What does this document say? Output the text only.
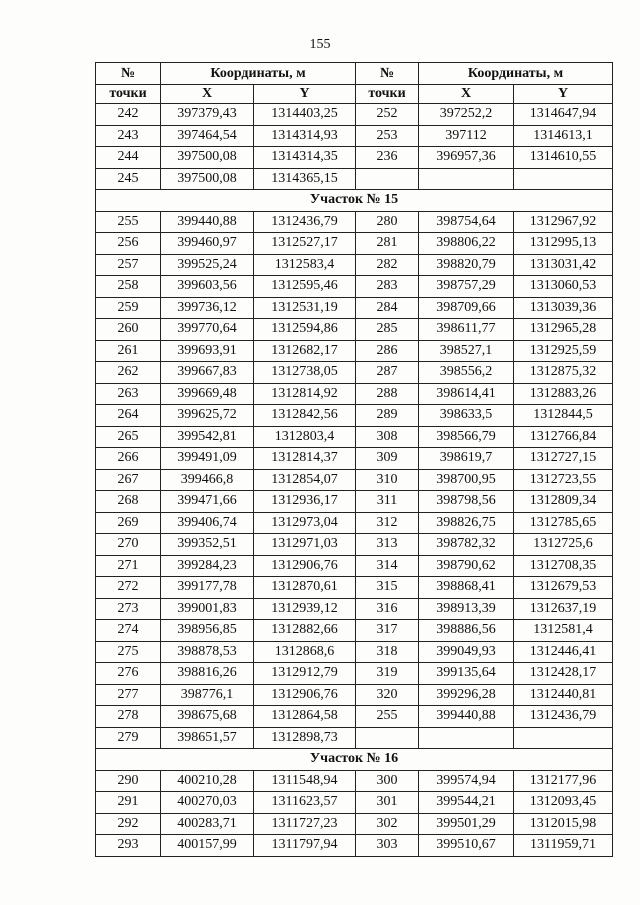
155
№	Координаты, м		№	Координаты, м	
точки	X	Y	точки	X	Y
242	397379,43	1314403,25	252	397252,2	1314647,94
243	397464,54	1314314,93	253	397112	1314613,1
244	397500,08	1314314,35	236	396957,36	1314610,55
245	397500,08	1314365,15			
Участок № 15					
255	399440,88	1312436,79	280	398754,64	1312967,92
256	399460,97	1312527,17	281	398806,22	1312995,13
257	399525,24	1312583,4	282	398820,79	1313031,42
258	399603,56	1312595,46	283	398757,29	1313060,53
259	399736,12	1312531,19	284	398709,66	1313039,36
260	399770,64	1312594,86	285	398611,77	1312965,28
261	399693,91	1312682,17	286	398527,1	1312925,59
262	399667,83	1312738,05	287	398556,2	1312875,32
263	399669,48	1312814,92	288	398614,41	1312883,26
264	399625,72	1312842,56	289	398633,5	1312844,5
265	399542,81	1312803,4	308	398566,79	1312766,84
266	399491,09	1312814,37	309	398619,7	1312727,15
267	399466,8	1312854,07	310	398700,95	1312723,55
268	399471,66	1312936,17	311	398798,56	1312809,34
269	399406,74	1312973,04	312	398826,75	1312785,65
270	399352,51	1312971,03	313	398782,32	1312725,6
271	399284,23	1312906,76	314	398790,62	1312708,35
272	399177,78	1312870,61	315	398868,41	1312679,53
273	399001,83	1312939,12	316	398913,39	1312637,19
274	398956,85	1312882,66	317	398886,56	1312581,4
275	398878,53	1312868,6	318	399049,93	1312446,41
276	398816,26	1312912,79	319	399135,64	1312428,17
277	398776,1	1312906,76	320	399296,28	1312440,81
278	398675,68	1312864,58	255	399440,88	1312436,79
279	398651,57	1312898,73			
Участок № 16					
290	400210,28	1311548,94	300	399574,94	1312177,96
291	400270,03	1311623,57	301	399544,21	1312093,45
292	400283,71	1311727,23	302	399501,29	1312015,98
293	400157,99	1311797,94	303	399510,67	1311959,71
